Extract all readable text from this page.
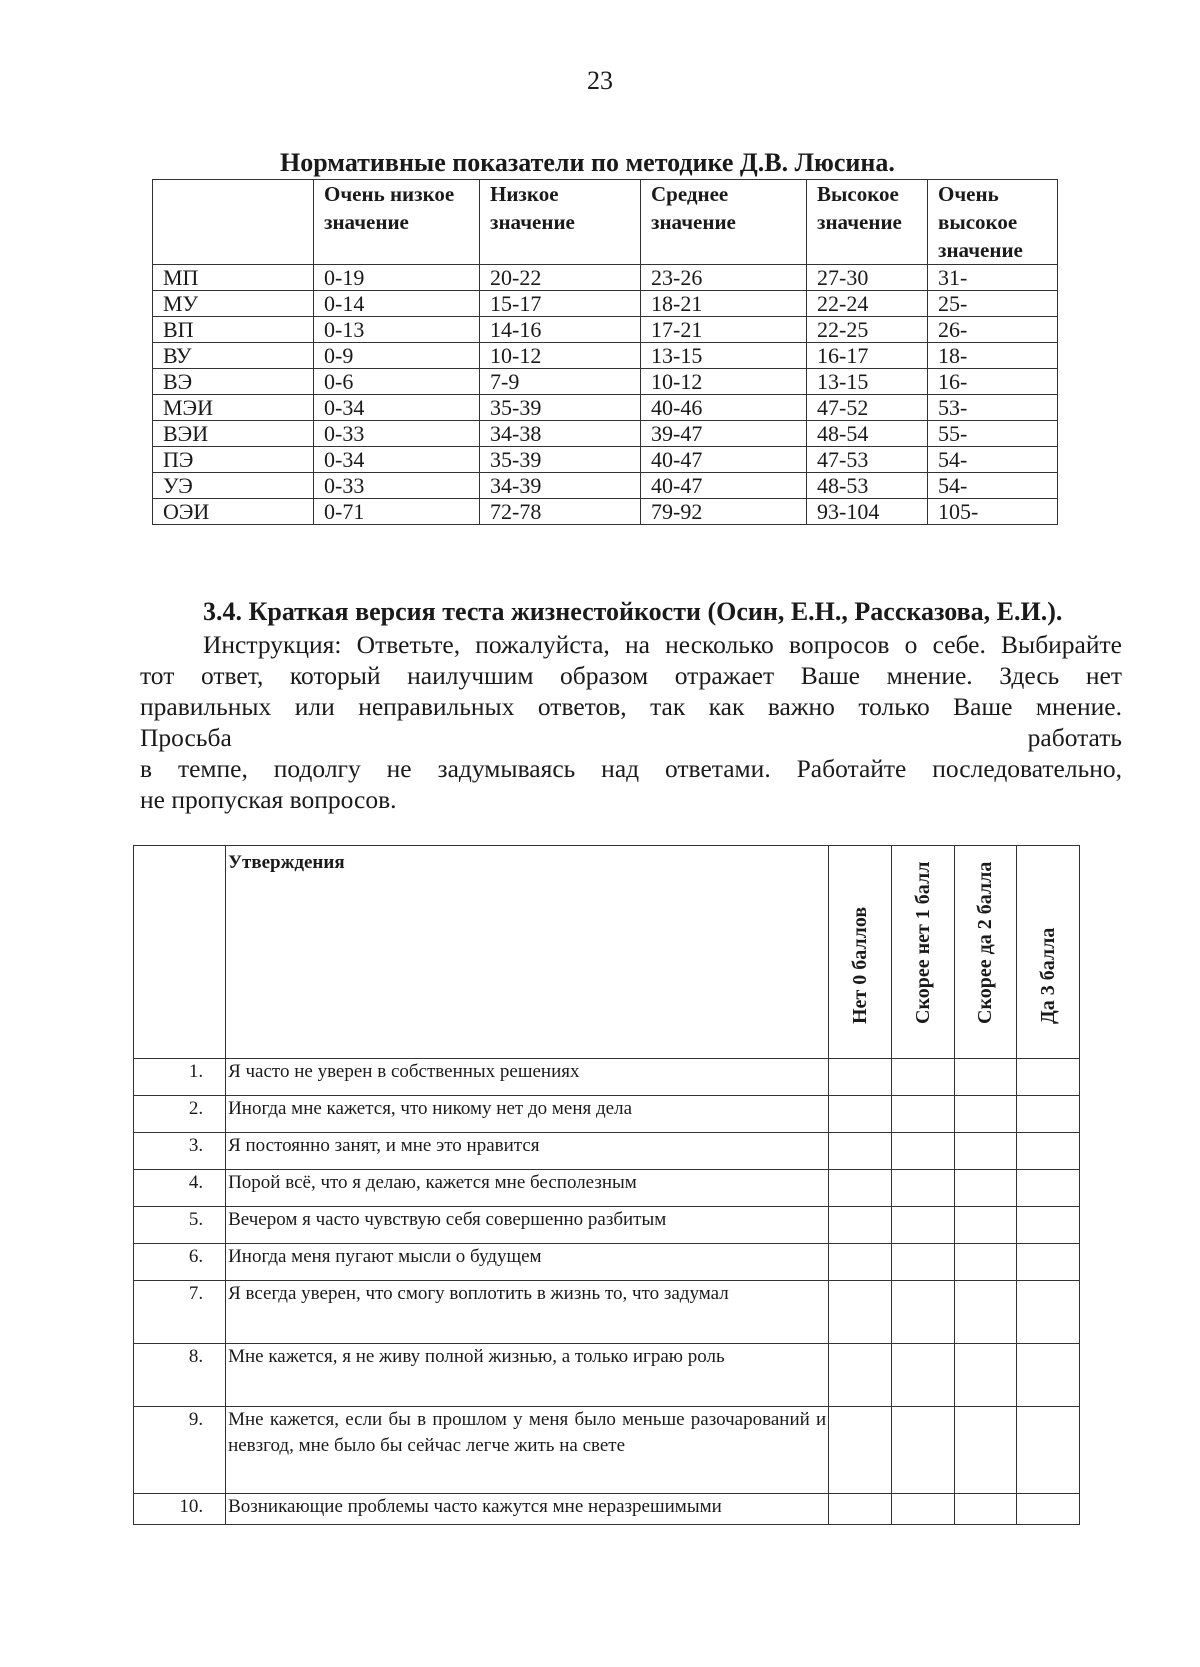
23
Нормативные показатели по методике Д.В. Люсина.
	Очень низкое значение	Низкое значение	Среднее значение	Высокое значение	Очень высокое значение
МП	0-19	20-22	23-26	27-30	31-
МУ	0-14	15-17	18-21	22-24	25-
ВП	0-13	14-16	17-21	22-25	26-
ВУ	0-9	10-12	13-15	16-17	18-
ВЭ	0-6	7-9	10-12	13-15	16-
МЭИ	0-34	35-39	40-46	47-52	53-
ВЭИ	0-33	34-38	39-47	48-54	55-
ПЭ	0-34	35-39	40-47	47-53	54-
УЭ	0-33	34-39	40-47	48-53	54-
ОЭИ	0-71	72-78	79-92	93-104	105-

3.4. Краткая версия теста жизнестойкости (Осин, Е.Н., Рассказова, Е.И.).

Инструкция: Ответьте, пожалуйста, на несколько вопросов о себе. Выбирайте

тот ответ, который наилучшим образом отражает Ваше мнение. Здесь нет

правильных или неправильных ответов, так как важно только Ваше мнение.

Просьба работать

в темпе, подолгу не задумываясь над ответами. Работайте последовательно,

не пропуская вопросов.

	Утверждения	Нет 0 баллов	Скорее нет 1 балл	Скорее да 2 балла	Да 3 балла

1.	Я часто не уверен в собственных решениях				
2.	Иногда мне кажется, что никому нет до меня дела				
3.	Я постоянно занят, и мне это нравится				
4.	Порой всё, что я делаю, кажется мне бесполезным				
5.	Вечером я часто чувствую себя совершенно разбитым				
6.	Иногда меня пугают мысли о будущем				
7.	Я всегда уверен, что смогу воплотить в жизнь то, что задумал				
8.	Мне кажется, я не живу полной жизнью, а только играю роль				
9.	Мне кажется, если бы в прошлом у меня было меньше разочарований и невзгод, мне было бы сейчас легче жить на свете				
10.	Возникающие проблемы часто кажутся мне неразрешимыми				
